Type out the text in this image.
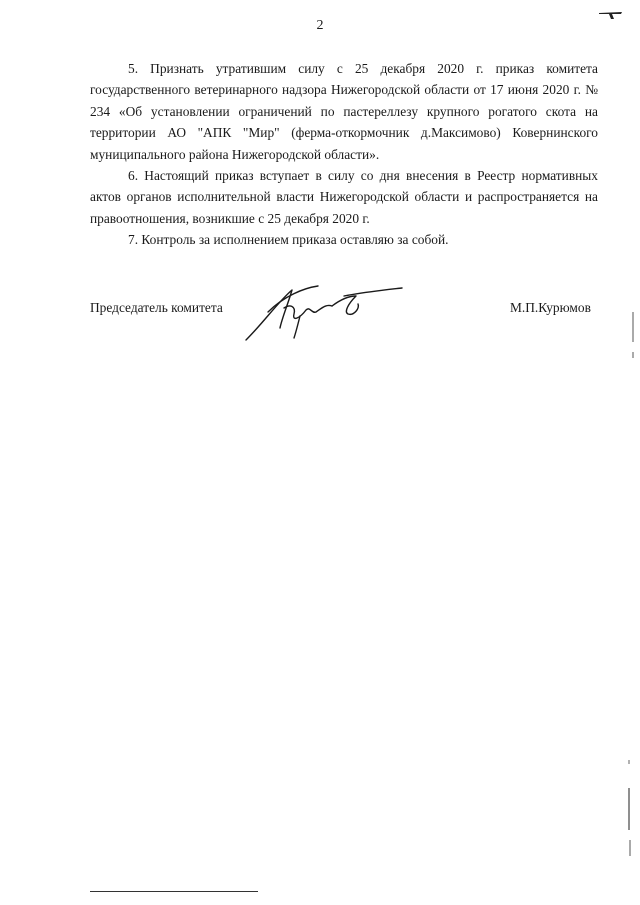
2

5. Признать утратившим силу с 25 декабря 2020 г. приказ комитета государственного ветеринарного надзора Нижегородской области от 17 июня 2020 г. № 234 «Об установлении ограничений по пастереллезу крупного рогатого скота на территории АО "АПК "Мир" (ферма-откормочник д.Максимово) Ковернинского муниципального района Нижегородской области».

6. Настоящий приказ вступает в силу со дня внесения в Реестр нормативных актов органов исполнительной власти Нижегородской области и распространяется на правоотношения, возникшие с 25 декабря 2020 г.

7. Контроль за исполнением приказа оставляю за собой.

Председатель комитета	М.П.Курюмов
